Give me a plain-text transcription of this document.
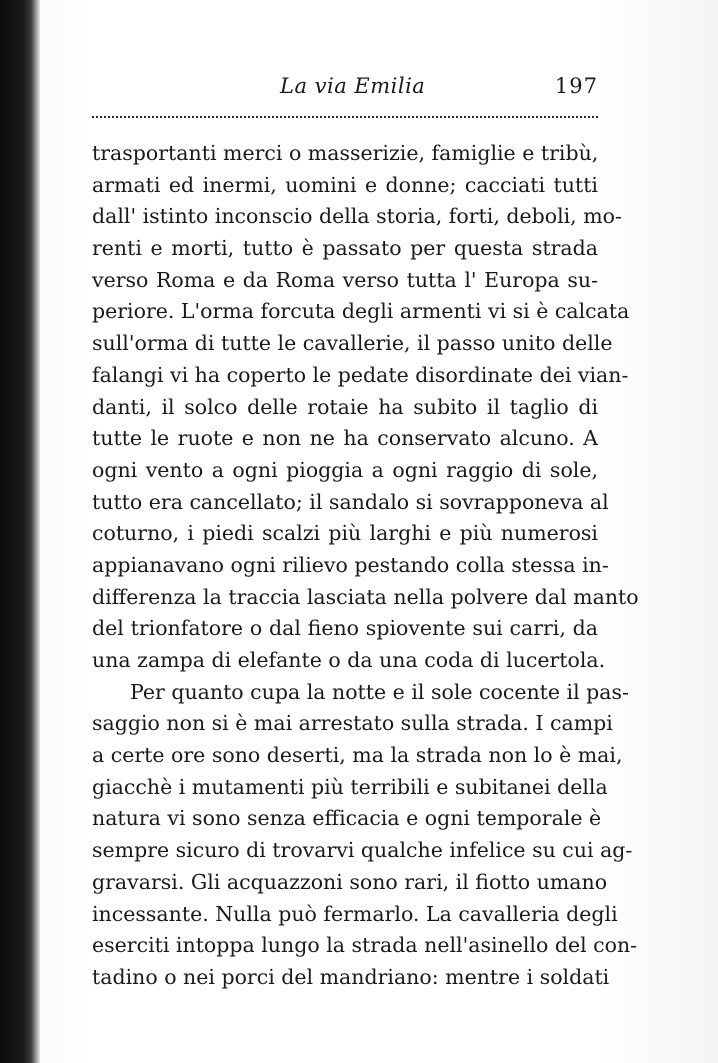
La via Emilia	197
trasportanti merci o masserizie, famiglie e tribù,
armati ed inermi, uomini e donne; cacciati tutti
dall' istinto inconscio della storia, forti, deboli, mo-
renti e morti, tutto è passato per questa strada
verso Roma e da Roma verso tutta l' Europa su-
periore. L'orma forcuta degli armenti vi si è calcata
sull'orma di tutte le cavallerie, il passo unito delle
falangi vi ha coperto le pedate disordinate dei vian-
danti, il solco delle rotaie ha subito il taglio di
tutte le ruote e non ne ha conservato alcuno. A
ogni vento a ogni pioggia a ogni raggio di sole,
tutto era cancellato; il sandalo si sovrapponeva al
coturno, i piedi scalzi più larghi e più numerosi
appianavano ogni rilievo pestando colla stessa in-
differenza la traccia lasciata nella polvere dal manto
del trionfatore o dal fieno spiovente sui carri, da
una zampa di elefante o da una coda di lucertola.
Per quanto cupa la notte e il sole cocente il pas-
saggio non si è mai arrestato sulla strada. I campi
a certe ore sono deserti, ma la strada non lo è mai,
giacchè i mutamenti più terribili e subitanei della
natura vi sono senza efficacia e ogni temporale è
sempre sicuro di trovarvi qualche infelice su cui ag-
gravarsi. Gli acquazzoni sono rari, il fiotto umano
incessante. Nulla può fermarlo. La cavalleria degli
eserciti intoppa lungo la strada nell'asinello del con-
tadino o nei porci del mandriano: mentre i soldati
